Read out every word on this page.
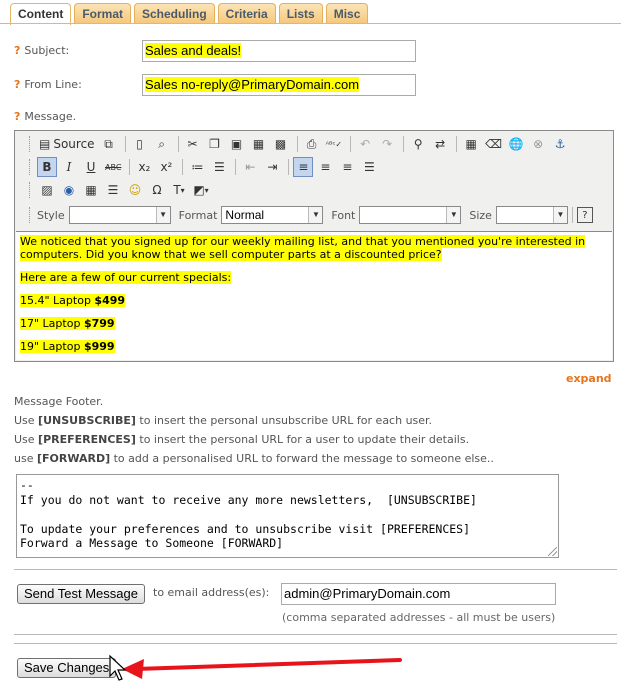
Content	Format	Scheduling	Criteria	Lists	Misc
? Subject:	Sales and deals!
? From Line:	Sales no-reply@PrimaryDomain.com
? Message.
▤ Source ⧉	▯	⌕	✂ ❐ ▣ ▦ ▩	⎙	ᴬᴮᶜ✓	↶ ↷	⚲	⇄	▦ ⌫ 🌐 ⊗ ⚓
B	I	U	ABC	x₂ x²	≔ ☰	⇤ ⇥	≡ ≡ ≡ ☰
▨ ◉ ▦ ☰ ☺ Ω T ▾ ◩ ▾
Style	▼ Format Normal	▼ Font	▼ Size	▼	?

We noticed that you signed up for our weekly mailing list, and that you mentioned you're interested in computers. Did you know that we sell computer parts at a discounted price?

Here are a few of our current specials:

15.4" Laptop $499

17" Laptop $799

19" Laptop $999

expand
Message Footer.
Use [UNSUBSCRIBE] to insert the personal unsubscribe URL for each user.
Use [PREFERENCES] to insert the personal URL for a user to update their details.
use [FORWARD] to add a personalised URL to forward the message to someone else..
--
If you do not want to receive any more newsletters,  [UNSUBSCRIBE]

To update your preferences and to unsubscribe visit [PREFERENCES]
Forward a Message to Someone [FORWARD]
Send Test Message	to email address(es): admin@PrimaryDomain.com
(comma separated addresses - all must be users)
Save Changes
